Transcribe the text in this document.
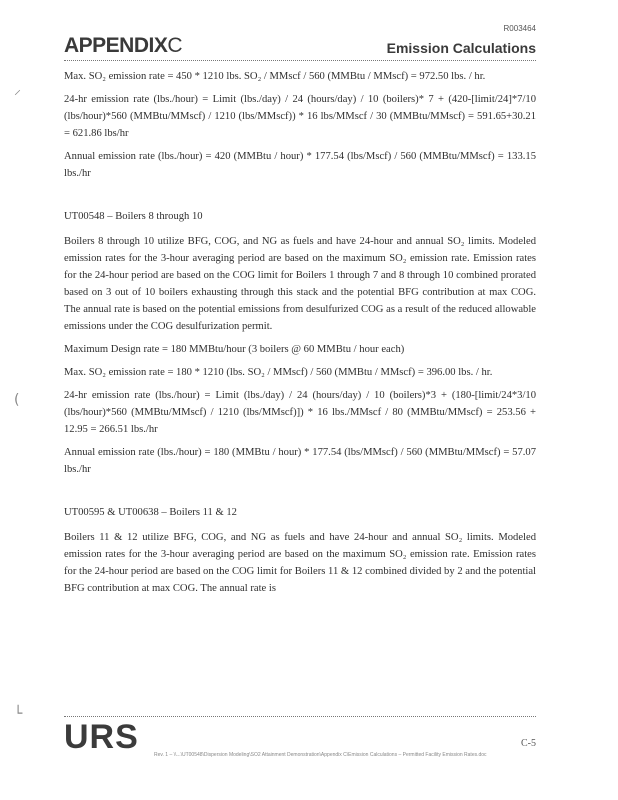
R003464
APPENDIXC	Emission Calculations
⸝
(
└

Max. SO₂ emission rate = 450 * 1210 lbs. SO₂ / MMscf / 560 (MMBtu / MMscf) = 972.50 lbs. / hr.

24-hr emission rate (lbs./hour) = Limit (lbs./day) / 24 (hours/day) / 10 (boilers)* 7 + (420-[limit/24]*7/10 (lbs/hour)*560 (MMBtu/MMscf) / 1210 (lbs/MMscf)) * 16 lbs/MMscf / 30 (MMBtu/MMscf) = 591.65+30.21 = 621.86 lbs/hr

Annual emission rate (lbs./hour) = 420 (MMBtu / hour) * 177.54 (lbs/Mscf) / 560 (MMBtu/MMscf) = 133.15 lbs./hr

UT00548 – Boilers 8 through 10

Boilers 8 through 10 utilize BFG, COG, and NG as fuels and have 24-hour and annual SO₂ limits. Modeled emission rates for the 3-hour averaging period are based on the maximum SO₂ emission rate. Emission rates for the 24-hour period are based on the COG limit for Boilers 1 through 7 and 8 through 10 combined prorated based on 3 out of 10 boilers exhausting through this stack and the potential BFG contribution at max COG. The annual rate is based on the potential emissions from desulfurized COG as a result of the reduced allowable emissions under the COG desulfurization permit.

Maximum Design rate = 180 MMBtu/hour (3 boilers @ 60 MMBtu / hour each)

Max. SO₂ emission rate = 180 * 1210 (lbs. SO₂ / MMscf) / 560 (MMBtu / MMscf) = 396.00 lbs. / hr.

24-hr emission rate (lbs./hour) = Limit (lbs./day) / 24 (hours/day) / 10 (boilers)*3 + (180-[limit/24*3/10 (lbs/hour)*560 (MMBtu/MMscf) / 1210 (lbs/MMscf)]) * 16 lbs./MMscf / 80 (MMBtu/MMscf) = 253.56 + 12.95 = 266.51 lbs./hr

Annual emission rate (lbs./hour) = 180 (MMBtu / hour) * 177.54 (lbs/MMscf) / 560 (MMBtu/MMscf) = 57.07 lbs./hr

UT00595 & UT00638 – Boilers 11 & 12

Boilers 11 & 12 utilize BFG, COG, and NG as fuels and have 24-hour and annual SO₂ limits. Modeled emission rates for the 3-hour averaging period are based on the maximum SO₂ emission rate. Emission rates for the 24-hour period are based on the COG limit for Boilers 11 & 12 combined divided by 2 and the potential BFG contribution at max COG. The annual rate is

URS	C-5
Rev. 1 – \\...\UT00548\Dispersion Modeling\SO2 Attainment Demonstration\Appendix C\Emission Calculations – Permitted Facility Emission Rates.doc
